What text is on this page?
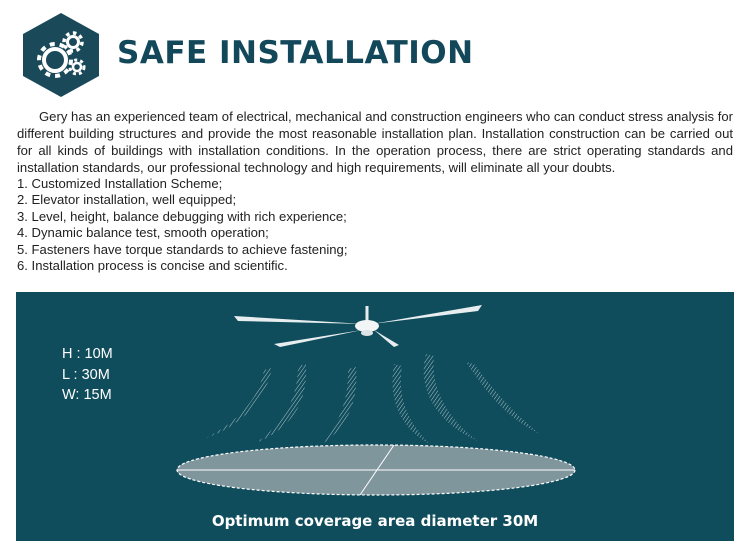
SAFE INSTALLATION

Gery has an experienced team of electrical, mechanical and construction engineers who can conduct stress analysis for different building structures and provide the most reasonable installation plan. Installation construction can be carried out for all kinds of buildings with installation conditions. In the operation process, there are strict operating standards and installation standards, our professional technology and high requirements, will eliminate all your doubts.

1. Customized Installation Scheme;
2. Elevator installation, well equipped;
3. Level, height, balance debugging with rich experience;
4. Dynamic balance test, smooth operation;
5. Fasteners have torque standards to achieve fastening;
6. Installation process is concise and scientific.
H : 10M
L : 30M
W: 15M
Optimum coverage area diameter 30M
